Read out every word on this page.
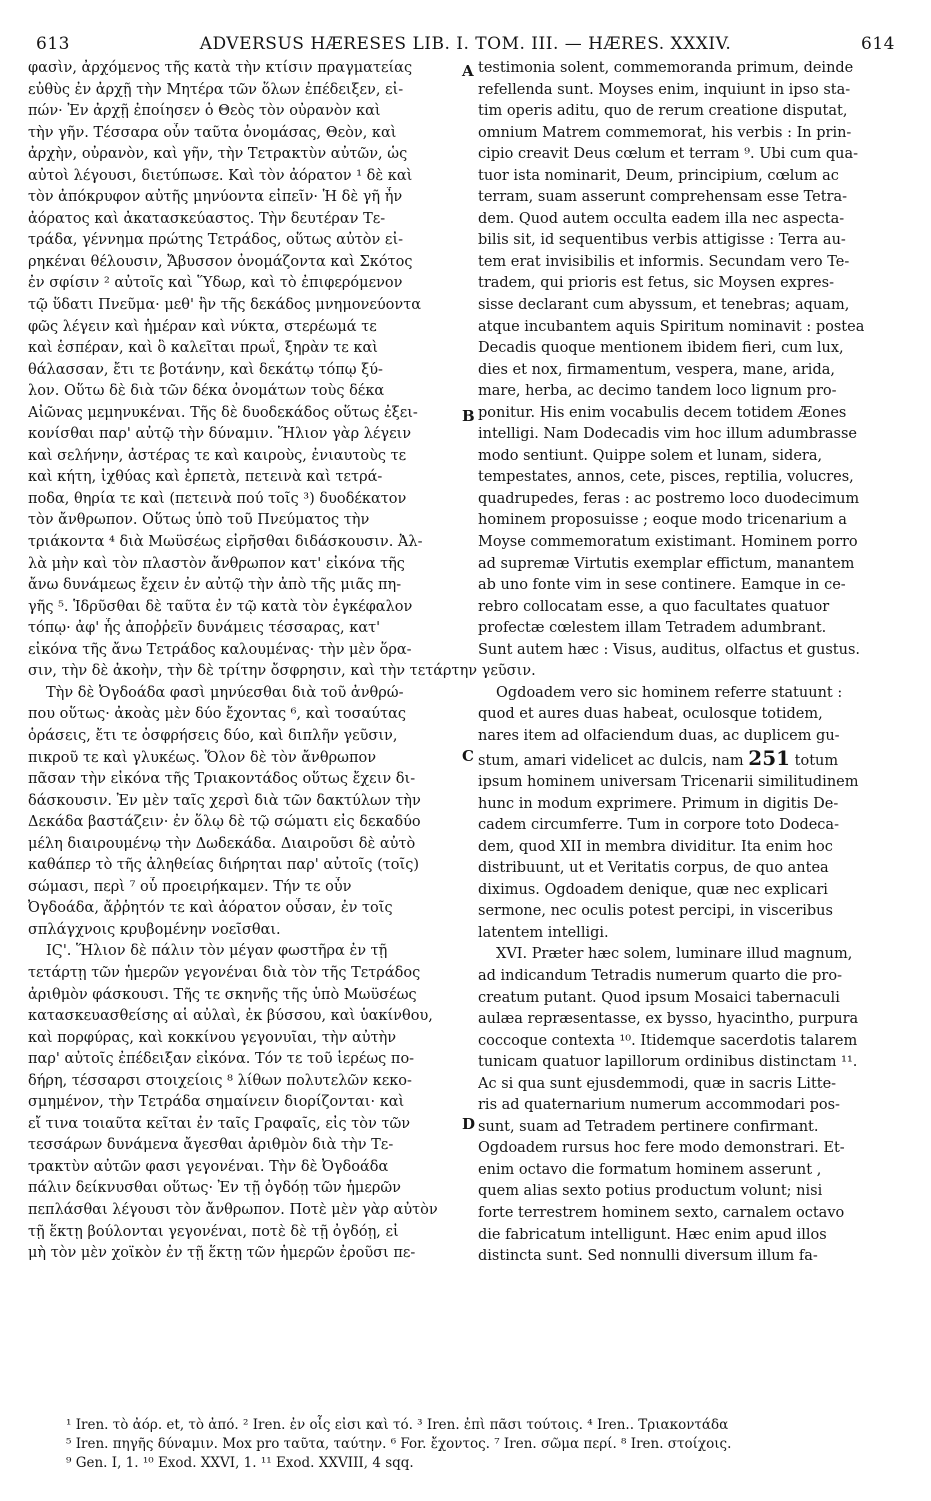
613	ADVERSUS HÆRESES LIB. I. TOM. III. — HÆRES. XXXIV.	614
φασὶν, ἀρχόμενος τῆς κατὰ τὴν κτίσιν πραγματείας
εὐθὺς ἐν ἀρχῇ τὴν Μητέρα τῶν ὅλων ἐπέδειξεν, εἰ-
πών· Ἐν ἀρχῇ ἐποίησεν ὁ Θεὸς τὸν οὐρανὸν καὶ
τὴν γῆν. Τέσσαρα οὖν ταῦτα ὀνομάσας, Θεὸν, καὶ
ἀρχὴν, οὐρανὸν, καὶ γῆν, τὴν Τετρακτὺν αὐτῶν, ὡς
αὐτοὶ λέγουσι, διετύπωσε. Καὶ τὸν ἀόρατον ¹ δὲ καὶ
τὸν ἀπόκρυφον αὐτῆς μηνύοντα εἰπεῖν· Ἡ δὲ γῆ ἦν
ἀόρατος καὶ ἀκατασκεύαστος. Τὴν δευτέραν Τε-
τράδα, γέννημα πρώτης Τετράδος, οὕτως αὐτὸν εἰ-
ρηκέναι θέλουσιν, Ἄβυσσον ὀνομάζοντα καὶ Σκότος
ἐν σφίσιν ² αὐτοῖς καὶ Ὕδωρ, καὶ τὸ ἐπιφερόμενον
τῷ ὕδατι Πνεῦμα· μεθ' ἣν τῆς δεκάδος μνημονεύοντα
φῶς λέγειν καὶ ἡμέραν καὶ νύκτα, στερέωμά τε
καὶ ἑσπέραν, καὶ ὃ καλεῖται πρωΐ, ξηρὰν τε καὶ
θάλασσαν, ἔτι τε βοτάνην, καὶ δεκάτῳ τόπῳ ξύ-
λον. Οὕτω δὲ διὰ τῶν δέκα ὀνομάτων τοὺς δέκα
Αἰῶνας μεμηνυκέναι. Τῆς δὲ δυοδεκάδος οὕτως ἐξει-
κονίσθαι παρ' αὐτῷ τὴν δύναμιν. Ἥλιον γὰρ λέγειν
καὶ σελήνην, ἀστέρας τε καὶ καιροὺς, ἐνιαυτοὺς τε
καὶ κήτη, ἰχθύας καὶ ἑρπετὰ, πετεινὰ καὶ τετρά-
ποδα, θηρία τε καὶ (πετεινὰ πού τοῖς ³) δυοδέκατον
τὸν ἄνθρωπον. Οὕτως ὑπὸ τοῦ Πνεύματος τὴν
τριάκοντα ⁴ διὰ Μωϋσέως εἰρῆσθαι διδάσκουσιν. Ἀλ-
λὰ μὴν καὶ τὸν πλαστὸν ἄνθρωπον κατ' εἰκόνα τῆς
ἄνω δυνάμεως ἔχειν ἐν αὐτῷ τὴν ἀπὸ τῆς μιᾶς πη-
γῆς ⁵. Ἱδρῦσθαι δὲ ταῦτα ἐν τῷ κατὰ τὸν ἐγκέφαλον
τόπῳ· ἀφ' ἧς ἀποῤῥεῖν δυνάμεις τέσσαρας, κατ'
εἰκόνα τῆς ἄνω Τετράδος καλουμένας· τὴν μὲν ὅρα-
σιν, τὴν δὲ ἀκοὴν, τὴν δὲ τρίτην ὄσφρησιν, καὶ τὴν τετάρτην γεῦσιν.
Τὴν δὲ Ὀγδοάδα φασὶ μηνύεσθαι διὰ τοῦ ἀνθρώ-
που οὕτως· ἀκοὰς μὲν δύο ἔχοντας ⁶, καὶ τοσαύτας
ὁράσεις, ἔτι τε ὀσφρήσεις δύο, καὶ διπλῆν γεῦσιν,
πικροῦ τε καὶ γλυκέως. Ὅλον δὲ τὸν ἄνθρωπον
πᾶσαν τὴν εἰκόνα τῆς Τριακοντάδος οὕτως ἔχειν δι-
δάσκουσιν. Ἐν μὲν ταῖς χερσὶ διὰ τῶν δακτύλων τὴν
Δεκάδα βαστάζειν· ἐν ὅλῳ δὲ τῷ σώματι εἰς δεκαδύο
μέλη διαιρουμένῳ τὴν Δωδεκάδα. Διαιροῦσι δὲ αὐτὸ
καθάπερ τὸ τῆς ἀληθείας διήρηται παρ' αὐτοῖς (τοῖς)
σώμασι, περὶ ⁷ οὗ προειρήκαμεν. Τήν τε οὖν
Ὀγδοάδα, ἄῤῥητόν τε καὶ ἀόρατον οὖσαν, ἐν τοῖς
σπλάγχνοις κρυβομένην νοεῖσθαι.
ΙϚ'. Ἥλιον δὲ πάλιν τὸν μέγαν φωστῆρα ἐν τῇ
τετάρτῃ τῶν ἡμερῶν γεγονέναι διὰ τὸν τῆς Τετράδος
ἀριθμὸν φάσκουσι. Τῆς τε σκηνῆς τῆς ὑπὸ Μωϋσέως
κατασκευασθείσης αἱ αὐλαὶ, ἐκ βύσσου, καὶ ὑακίνθου,
καὶ πορφύρας, καὶ κοκκίνου γεγονυῖαι, τὴν αὐτὴν
παρ' αὐτοῖς ἐπέδειξαν εἰκόνα. Τόν τε τοῦ ἱερέως πο-
δήρη, τέσσαρσι στοιχείοις ⁸ λίθων πολυτελῶν κεκο-
σμημένον, τὴν Τετράδα σημαίνειν διορίζονται· καὶ
εἴ τινα τοιαῦτα κεῖται ἐν ταῖς Γραφαῖς, εἰς τὸν τῶν
τεσσάρων δυνάμενα ἄγεσθαι ἀριθμὸν διὰ τὴν Τε-
τρακτὺν αὐτῶν φασι γεγονέναι. Τὴν δὲ Ὀγδοάδα
πάλιν δείκνυσθαι οὕτως· Ἐν τῇ ὀγδόῃ τῶν ἡμερῶν
πεπλάσθαι λέγουσι τὸν ἄνθρωπον. Ποτὲ μὲν γὰρ αὐτὸν
τῇ ἕκτῃ βούλονται γεγονέναι, ποτὲ δὲ τῇ ὀγδόῃ, εἰ
μὴ τὸν μὲν χοϊκὸν ἐν τῇ ἕκτῃ τῶν ἡμερῶν ἐροῦσι πε-
testimonia solent, commemoranda primum, deinde
refellenda sunt. Moyses enim, inquiunt in ipso sta-
tim operis aditu, quo de rerum creatione disputat,
omnium Matrem commemorat, his verbis : In prin-
cipio creavit Deus cœlum et terram ⁹. Ubi cum qua-
tuor ista nominarit, Deum, principium, cœlum ac
terram, suam asserunt comprehensam esse Tetra-
dem. Quod autem occulta eadem illa nec aspecta-
bilis sit, id sequentibus verbis attigisse : Terra au-
tem erat invisibilis et informis. Secundam vero Te-
tradem, qui prioris est fetus, sic Moysen expres-
sisse declarant cum abyssum, et tenebras; aquam,
atque incubantem aquis Spiritum nominavit : postea
Decadis quoque mentionem ibidem fieri, cum lux,
dies et nox, firmamentum, vespera, mane, arida,
mare, herba, ac decimo tandem loco lignum pro-
ponitur. His enim vocabulis decem totidem Æones
intelligi. Nam Dodecadis vim hoc illum adumbrasse
modo sentiunt. Quippe solem et lunam, sidera,
tempestates, annos, cete, pisces, reptilia, volucres,
quadrupedes, feras : ac postremo loco duodecimum
hominem proposuisse ; eoque modo tricenarium a
Moyse commemoratum existimant. Hominem porro
ad supremæ Virtutis exemplar effictum, manantem
ab uno fonte vim in sese continere. Eamque in ce-
rebro collocatam esse, a quo facultates quatuor
profectæ cœlestem illam Tetradem adumbrant.
Sunt autem hæc : Visus, auditus, olfactus et gustus.

Ogdoadem vero sic hominem referre statuunt :
quod et aures duas habeat, oculosque totidem,
nares item ad olfaciendum duas, ac duplicem gu-
stum, amari videlicet ac dulcis, nam 251 totum
ipsum hominem universam Tricenarii similitudinem
hunc in modum exprimere. Primum in digitis De-
cadem circumferre. Tum in corpore toto Dodeca-
dem, quod XII in membra dividitur. Ita enim hoc
distribuunt, ut et Veritatis corpus, de quo antea
diximus. Ogdoadem denique, quæ nec explicari
sermone, nec oculis potest percipi, in visceribus
latentem intelligi.
XVI. Præter hæc solem, luminare illud magnum,
ad indicandum Tetradis numerum quarto die pro-
creatum putant. Quod ipsum Mosaici tabernaculi
aulæa repræsentasse, ex bysso, hyacintho, purpura
coccoque contexta ¹⁰. Itidemque sacerdotis talarem
tunicam quatuor lapillorum ordinibus distinctam ¹¹.
Ac si qua sunt ejusdemmodi, quæ in sacris Litte-
ris ad quaternarium numerum accommodari pos-
sunt, suam ad Tetradem pertinere confirmant.
Ogdoadem rursus hoc fere modo demonstrari. Et-
enim octavo die formatum hominem asserunt ,
quem alias sexto potius productum volunt; nisi
forte terrestrem hominem sexto, carnalem octavo
die fabricatum intelligunt. Hæc enim apud illos
distincta sunt. Sed nonnulli diversum illum fa-
A
B
C
D
¹ Iren. τὸ ἀόρ. et, τὸ ἀπό. ² Iren. ἐν οἷς εἰσι καὶ τό. ³ Iren. ἐπὶ πᾶσι τούτοις. ⁴ Iren.. Τριακοντάδα
⁵ Iren. πηγῆς δύναμιν. Mox pro ταῦτα, ταύτην. ⁶ For. ἔχοντος. ⁷ Iren. σῶμα περί. ⁸ Iren. στοίχοις.
⁹ Gen. I, 1. ¹⁰ Exod. XXVI, 1. ¹¹ Exod. XXVIII, 4 sqq.
